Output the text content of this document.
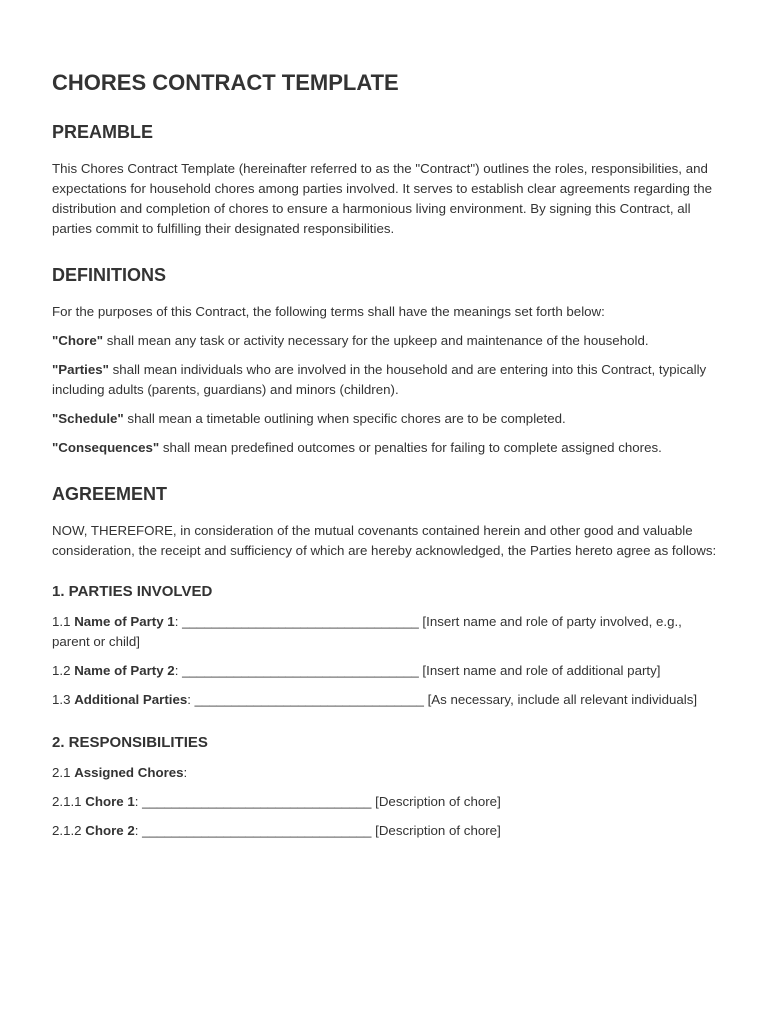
CHORES CONTRACT TEMPLATE
PREAMBLE

This Chores Contract Template (hereinafter referred to as the "Contract") outlines the roles, responsibilities, and expectations for household chores among parties involved. It serves to establish clear agreements regarding the distribution and completion of chores to ensure a harmonious living environment. By signing this Contract, all parties commit to fulfilling their designated responsibilities.

DEFINITIONS

For the purposes of this Contract, the following terms shall have the meanings set forth below:

"Chore" shall mean any task or activity necessary for the upkeep and maintenance of the household.

"Parties" shall mean individuals who are involved in the household and are entering into this Contract, typically including adults (parents, guardians) and minors (children).

"Schedule" shall mean a timetable outlining when specific chores are to be completed.

"Consequences" shall mean predefined outcomes or penalties for failing to complete assigned chores.

AGREEMENT

NOW, THEREFORE, in consideration of the mutual covenants contained herein and other good and valuable consideration, the receipt and sufficiency of which are hereby acknowledged, the Parties hereto agree as follows:

1. PARTIES INVOLVED

1.1 Name of Party 1: ________________________________ [Insert name and role of party involved, e.g., parent or child]

1.2 Name of Party 2: ________________________________ [Insert name and role of additional party]

1.3 Additional Parties: _______________________________ [As necessary, include all relevant individuals]

2. RESPONSIBILITIES

2.1 Assigned Chores:

2.1.1 Chore 1: _______________________________ [Description of chore]

2.1.2 Chore 2: _______________________________ [Description of chore]
